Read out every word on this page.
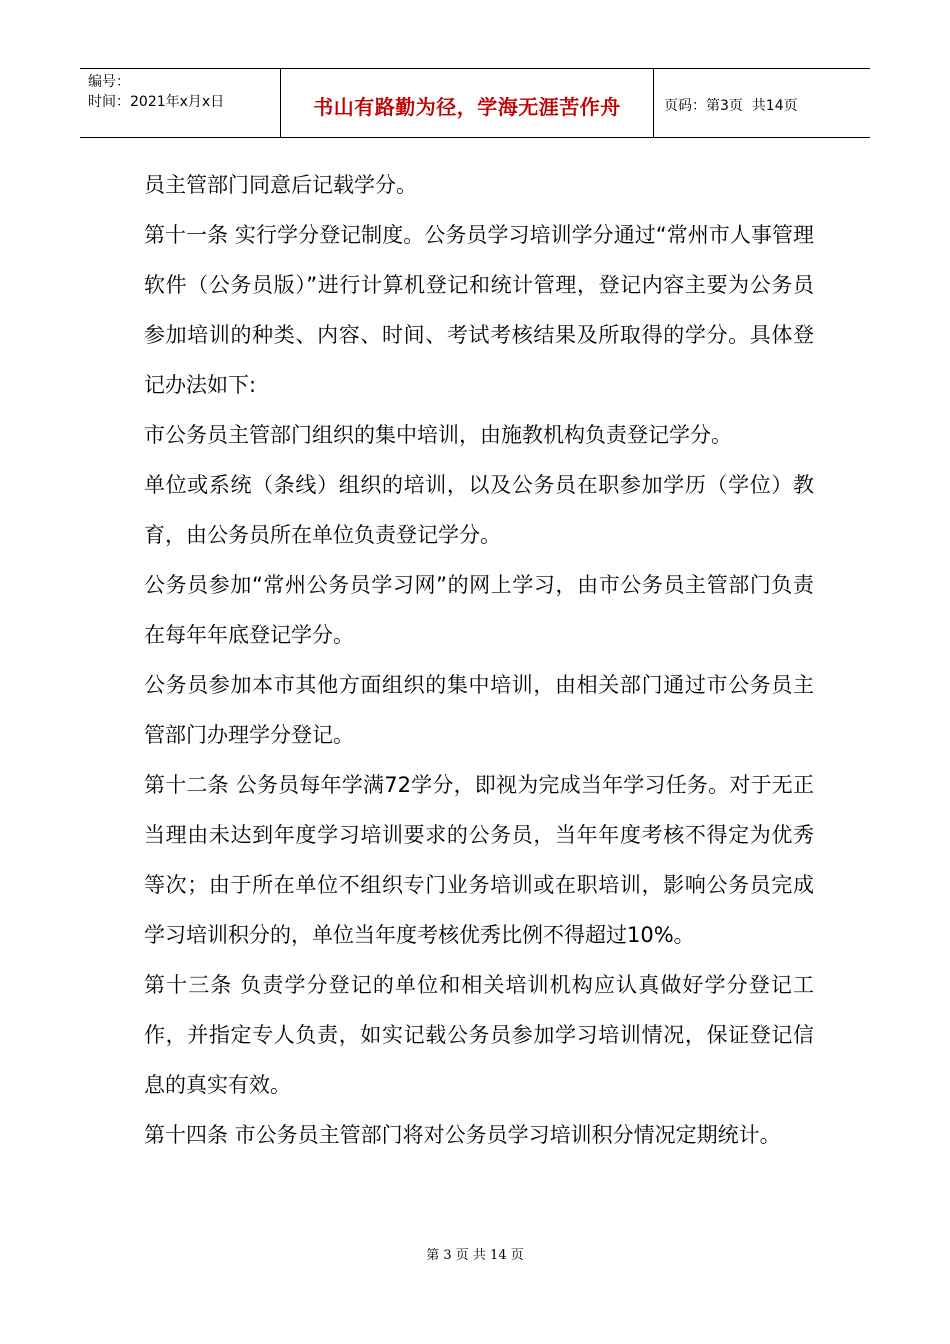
编号：
时间：2021年x月x日	书山有路勤为径，学海无涯苦作舟	页码：第3页  共14页

员主管部门同意后记载学分。

第十一条 实行学分登记制度。公务员学习培训学分通过“常州市人事管理软件（公务员版）”进行计算机登记和统计管理，登记内容主要为公务员参加培训的种类、内容、时间、考试考核结果及所取得的学分。具体登记办法如下:

市公务员主管部门组织的集中培训，由施教机构负责登记学分。

单位或系统（条线）组织的培训，以及公务员在职参加学历（学位）教育，由公务员所在单位负责登记学分。

公务员参加“常州公务员学习网”的网上学习，由市公务员主管部门负责在每年年底登记学分。

公务员参加本市其他方面组织的集中培训，由相关部门通过市公务员主管部门办理学分登记。

第十二条 公务员每年学满72学分，即视为完成当年学习任务。对于无正当理由未达到年度学习培训要求的公务员，当年年度考核不得定为优秀等次；由于所在单位不组织专门业务培训或在职培训，影响公务员完成学习培训积分的，单位当年度考核优秀比例不得超过10%。

第十三条 负责学分登记的单位和相关培训机构应认真做好学分登记工作，并指定专人负责，如实记载公务员参加学习培训情况，保证登记信息的真实有效。

第十四条 市公务员主管部门将对公务员学习培训积分情况定期统计。

第 3 页 共 14 页
